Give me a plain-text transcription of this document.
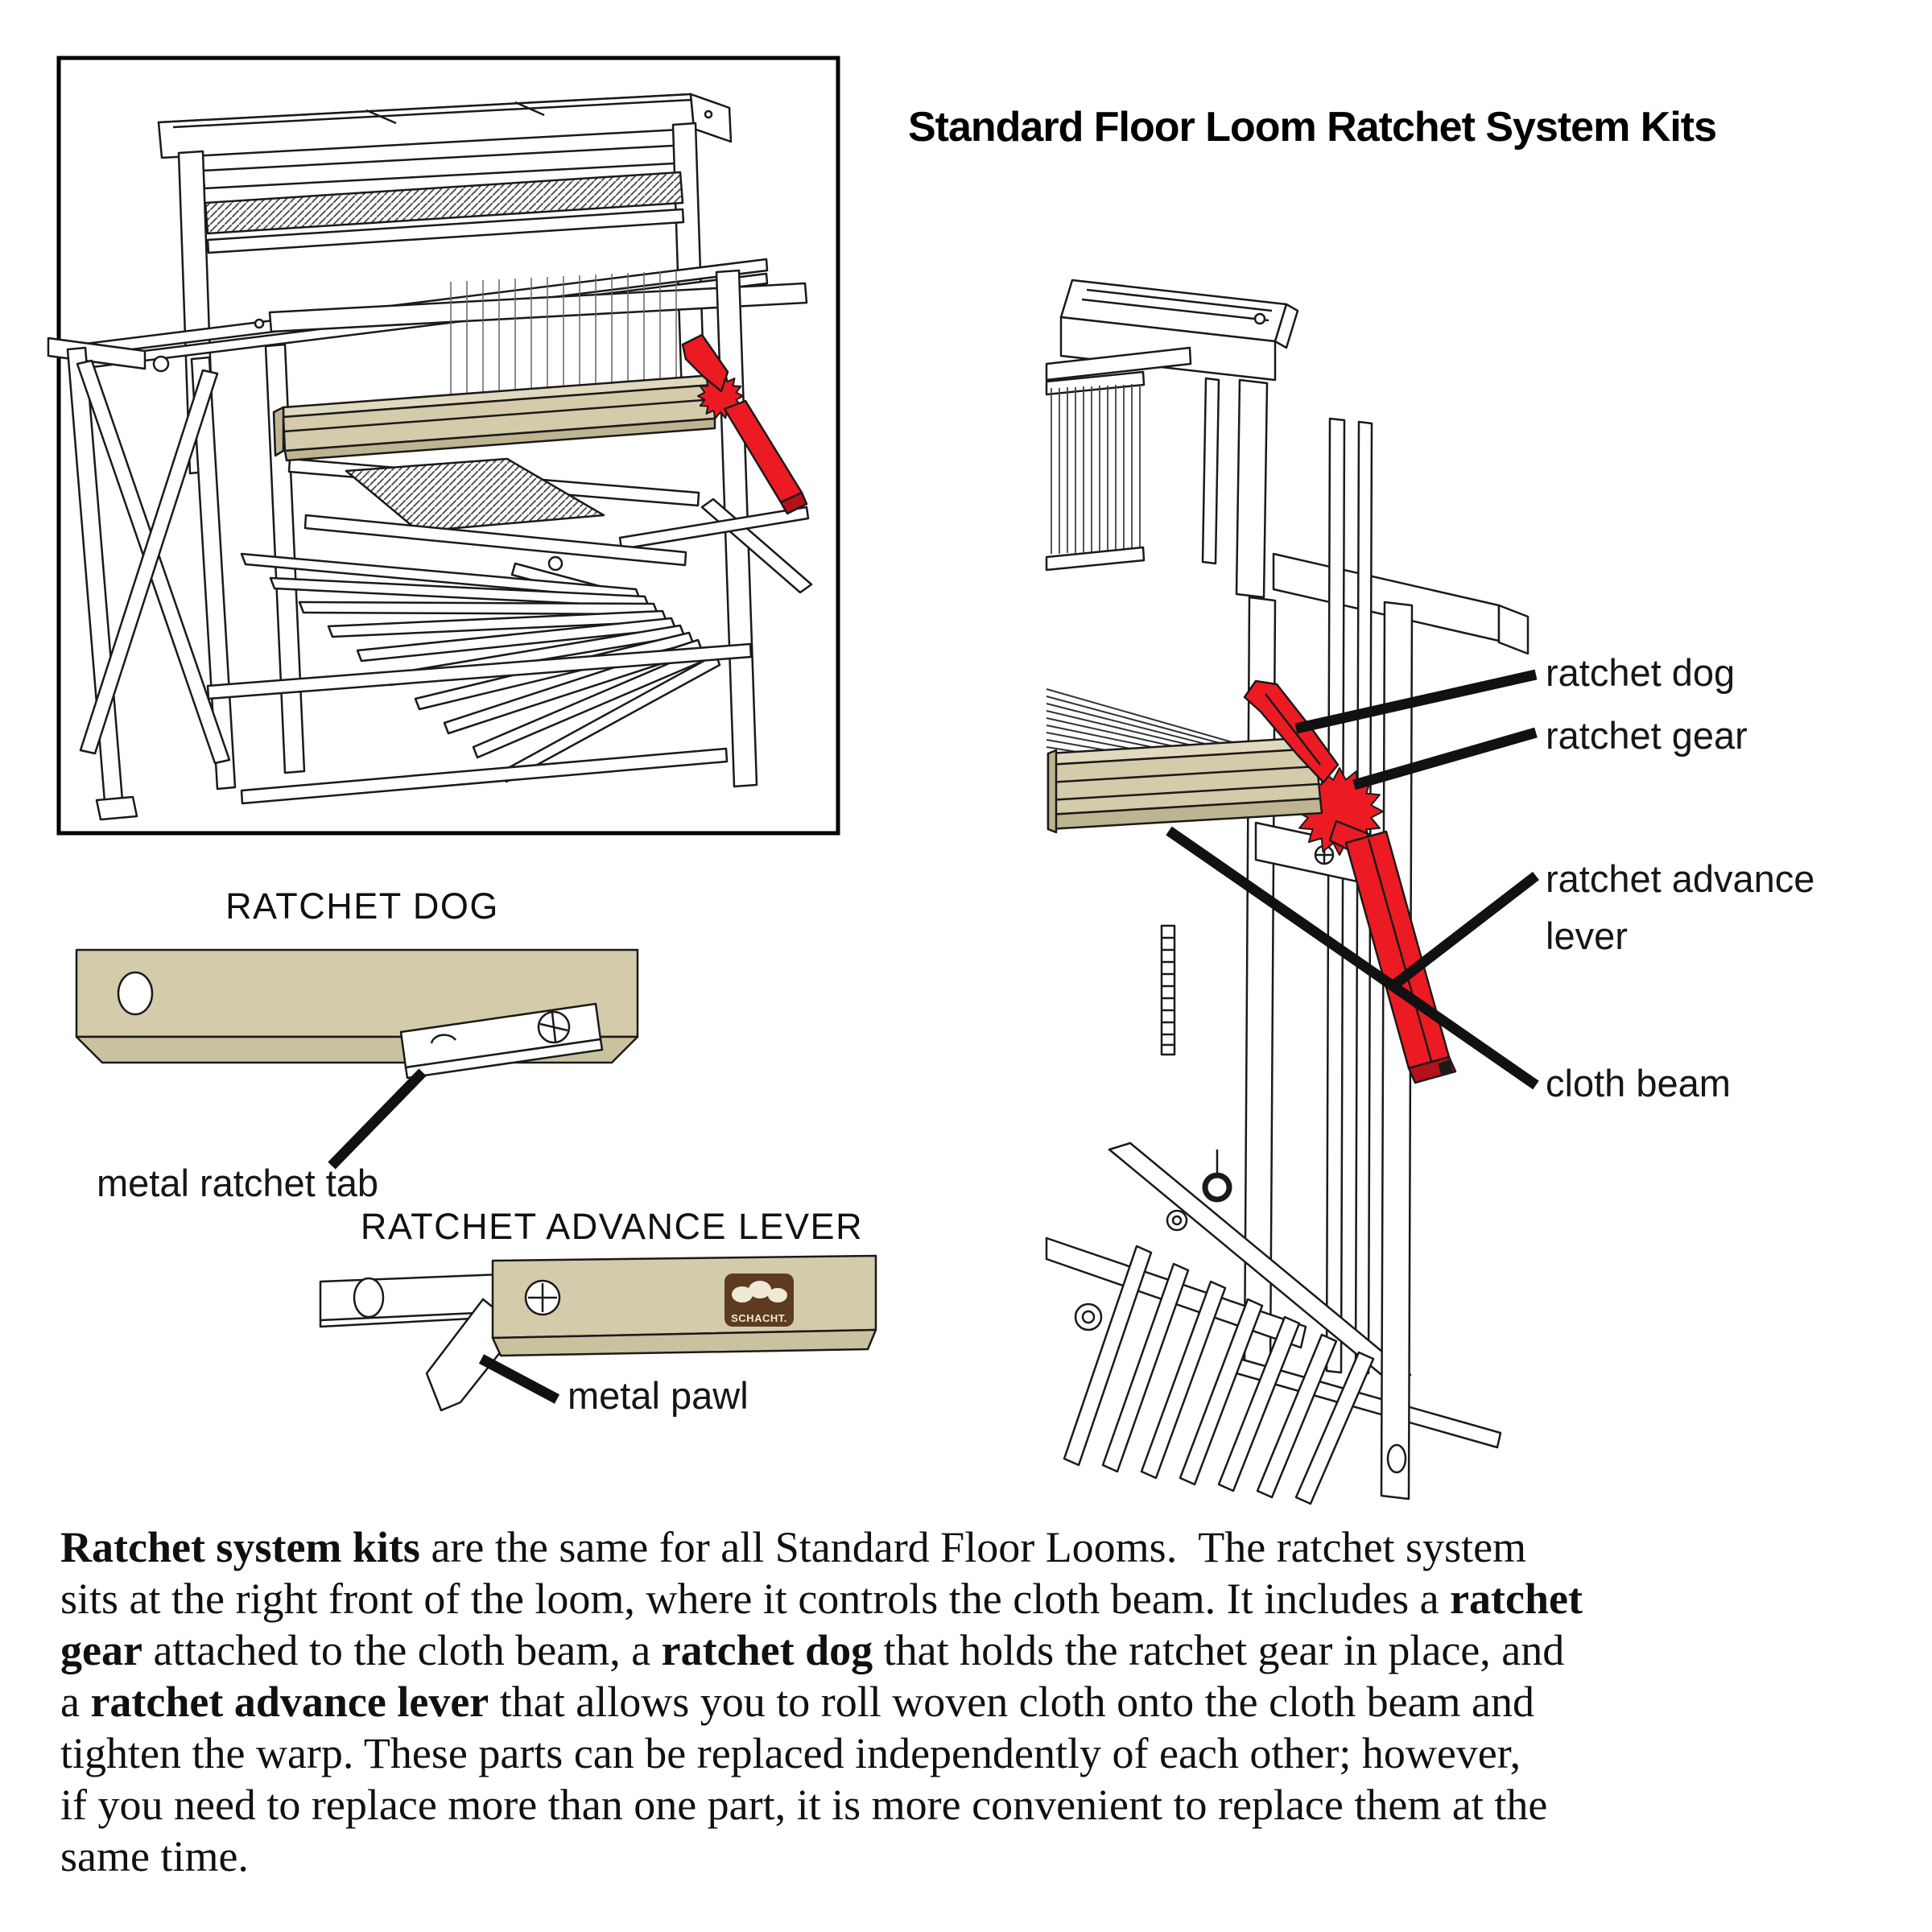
SCHACHT.
Standard Floor Loom Ratchet System Kits
ratchet dog
ratchet gear
ratchet advance lever
cloth beam
RATCHET DOG
metal ratchet tab
RATCHET ADVANCE LEVER
metal pawl
Ratchet system kits are the same for all Standard Floor Looms.  The ratchet system
sits at the right front of the loom, where it controls the cloth beam. It includes a ratchet
gear attached to the cloth beam, a ratchet dog that holds the ratchet gear in place, and
a ratchet advance lever that allows you to roll woven cloth onto the cloth beam and
tighten the warp. These parts can be replaced independently of each other; however,
if you need to replace more than one part, it is more convenient to replace them at the
same time.
